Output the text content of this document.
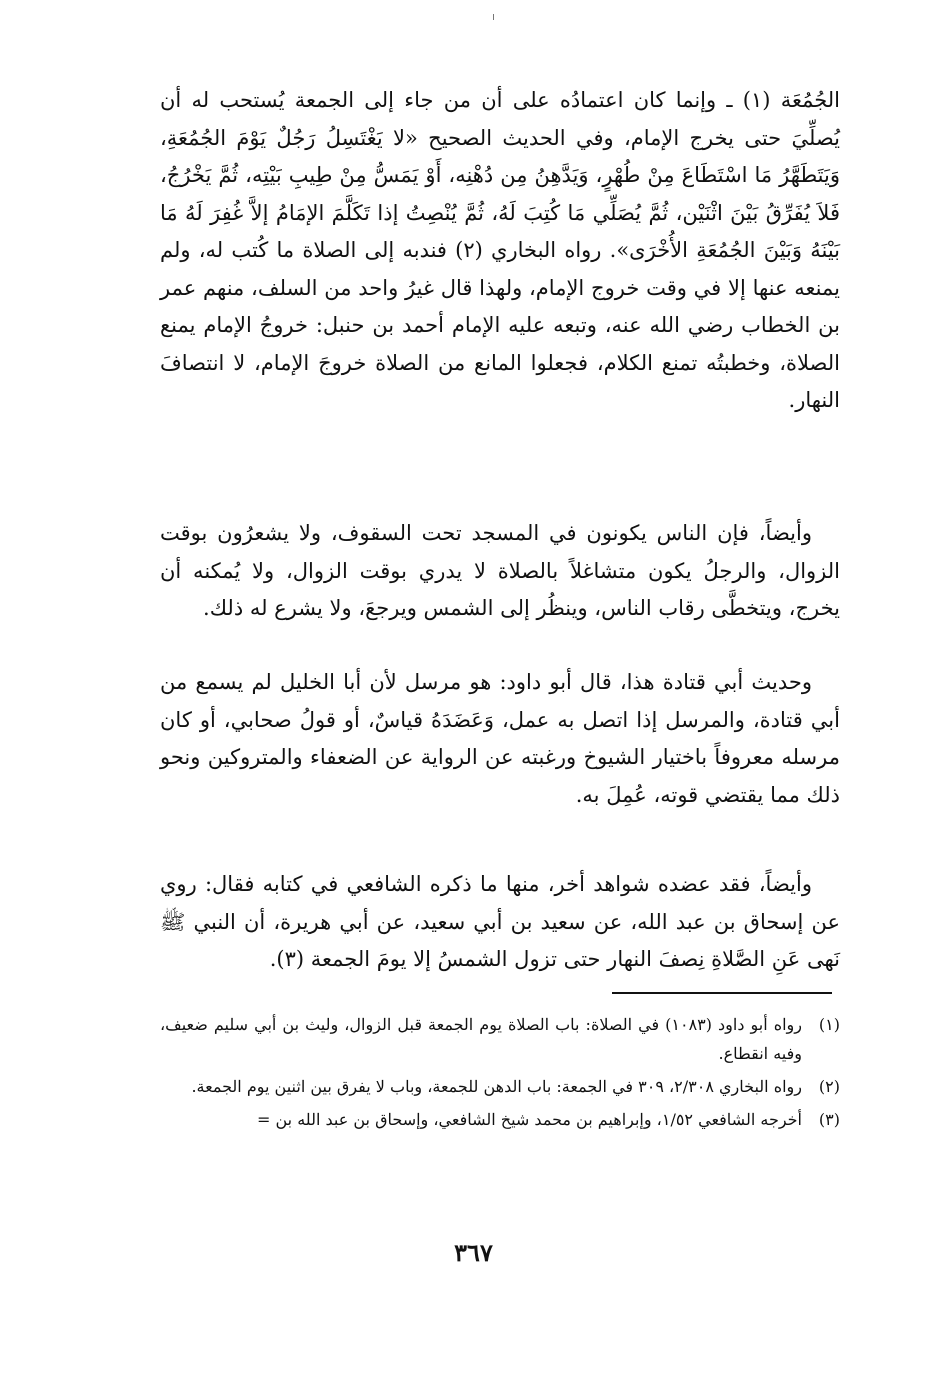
الجُمُعَة (١) ـ وإنما كان اعتمادُه على أن من جاء إلى الجمعة يُستحب له أن يُصلِّيَ حتى يخرج الإمام، وفي الحديث الصحيح «لا يَغْتَسِلُ رَجُلٌ يَوْمَ الجُمُعَةِ، وَيَتَطَهَّرُ مَا اسْتَطَاعَ مِنْ طُهْرٍ، وَيَدَّهِنُ مِن دُهْنِه، أَوْ يَمَسُّ مِنْ طِيبِ بَيْتِه، ثُمَّ يَخْرُجُ، فَلاَ يُفَرِّقُ بَيْنَ اثْنَيْن، ثُمَّ يُصَلِّي مَا كُتِبَ لَهُ، ثُمَّ يُنْصِتُ إذا تَكَلَّمَ الإمَامُ إلاَّ غُفِرَ لَهُ مَا بَيْنَهُ وَبَيْنَ الجُمُعَةِ الأُخْرَى». رواه البخاري (٢) فندبه إلى الصلاة ما كُتب له، ولم يمنعه عنها إلا في وقت خروج الإمام، ولهذا قال غيرُ واحد من السلف، منهم عمر بن الخطاب رضي الله عنه، وتبعه عليه الإمام أحمد بن حنبل: خروجُ الإمام يمنع الصلاة، وخطبتُه تمنع الكلام، فجعلوا المانع من الصلاة خروجَ الإمام، لا انتصافَ النهار.

وأيضاً، فإن الناس يكونون في المسجد تحت السقوف، ولا يشعرُون بوقت الزوال، والرجلُ يكون متشاغلاً بالصلاة لا يدري بوقت الزوال، ولا يُمكنه أن يخرج، ويتخطَّى رقاب الناس، وينظُر إلى الشمس ويرجعَ، ولا يشرع له ذلك.

وحديث أبي قتادة هذا، قال أبو داود: هو مرسل لأن أبا الخليل لم يسمع من أبي قتادة، والمرسل إذا اتصل به عمل، وَعَضَدَهُ قياسٌ، أو قولُ صحابي، أو كان مرسله معروفاً باختيار الشيوخ ورغبته عن الرواية عن الضعفاء والمتروكين ونحو ذلك مما يقتضي قوته، عُمِلَ به.

وأيضاً، فقد عضده شواهد أخر، منها ما ذكره الشافعي في كتابه فقال: روي عن إسحاق بن عبد الله، عن سعيد بن أبي سعيد، عن أبي هريرة، أن النبي ﷺ نَهى عَنِ الصَّلاةِ نِصفَ النهار حتى تزول الشمسُ إلا يومَ الجمعة (٣).

(١)
رواه أبو داود (١٠٨٣) في الصلاة: باب الصلاة يوم الجمعة قبل الزوال، وليث بن أبي سليم ضعيف، وفيه انقطاع.
(٢)
رواه البخاري ٢/٣٠٨، ٣٠٩ في الجمعة: باب الدهن للجمعة، وباب لا يفرق بين اثنين يوم الجمعة.
(٣)
أخرجه الشافعي ١/٥٢، وإبراهيم بن محمد شيخ الشافعي، وإسحاق بن عبد الله بن =
٣٦٧
